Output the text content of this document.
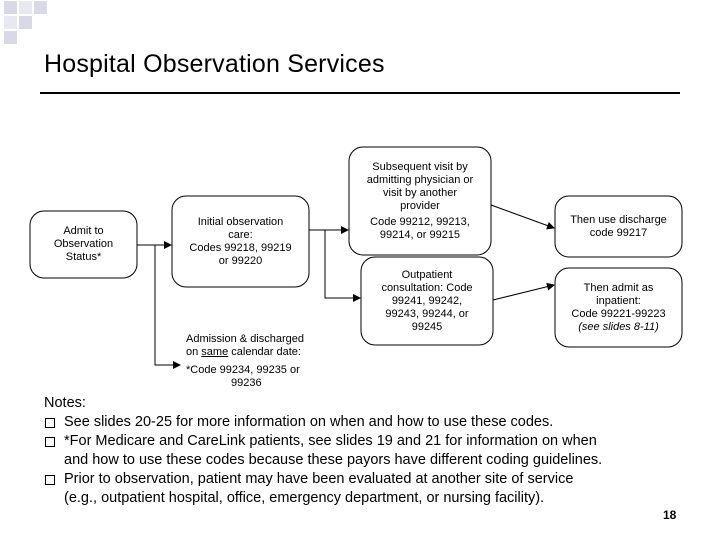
Hospital Observation Services
Admit to
Observation
Status*
Initial observation
care:
Codes 99218, 99219
or 99220
Subsequent visit by
admitting physician or
visit by another
provider
Code 99212, 99213,
99214, or 99215
Outpatient
consultation: Code
99241, 99242,
99243, 99244, or
99245
Then use discharge
code 99217
Then admit as
inpatient:
Code 99221-99223
(see slides 8-11)
Admission & discharged
on same calendar date:
*Code 99234, 99235 or
99236
Notes:
See slides 20-25 for more information on when and how to use these codes.
*For Medicare and CareLink patients, see slides 19 and 21 for information on when
and how to use these codes because these payors have different coding guidelines.
Prior to observation, patient may have been evaluated at another site of service
(e.g., outpatient hospital, office, emergency department, or nursing facility).
18
